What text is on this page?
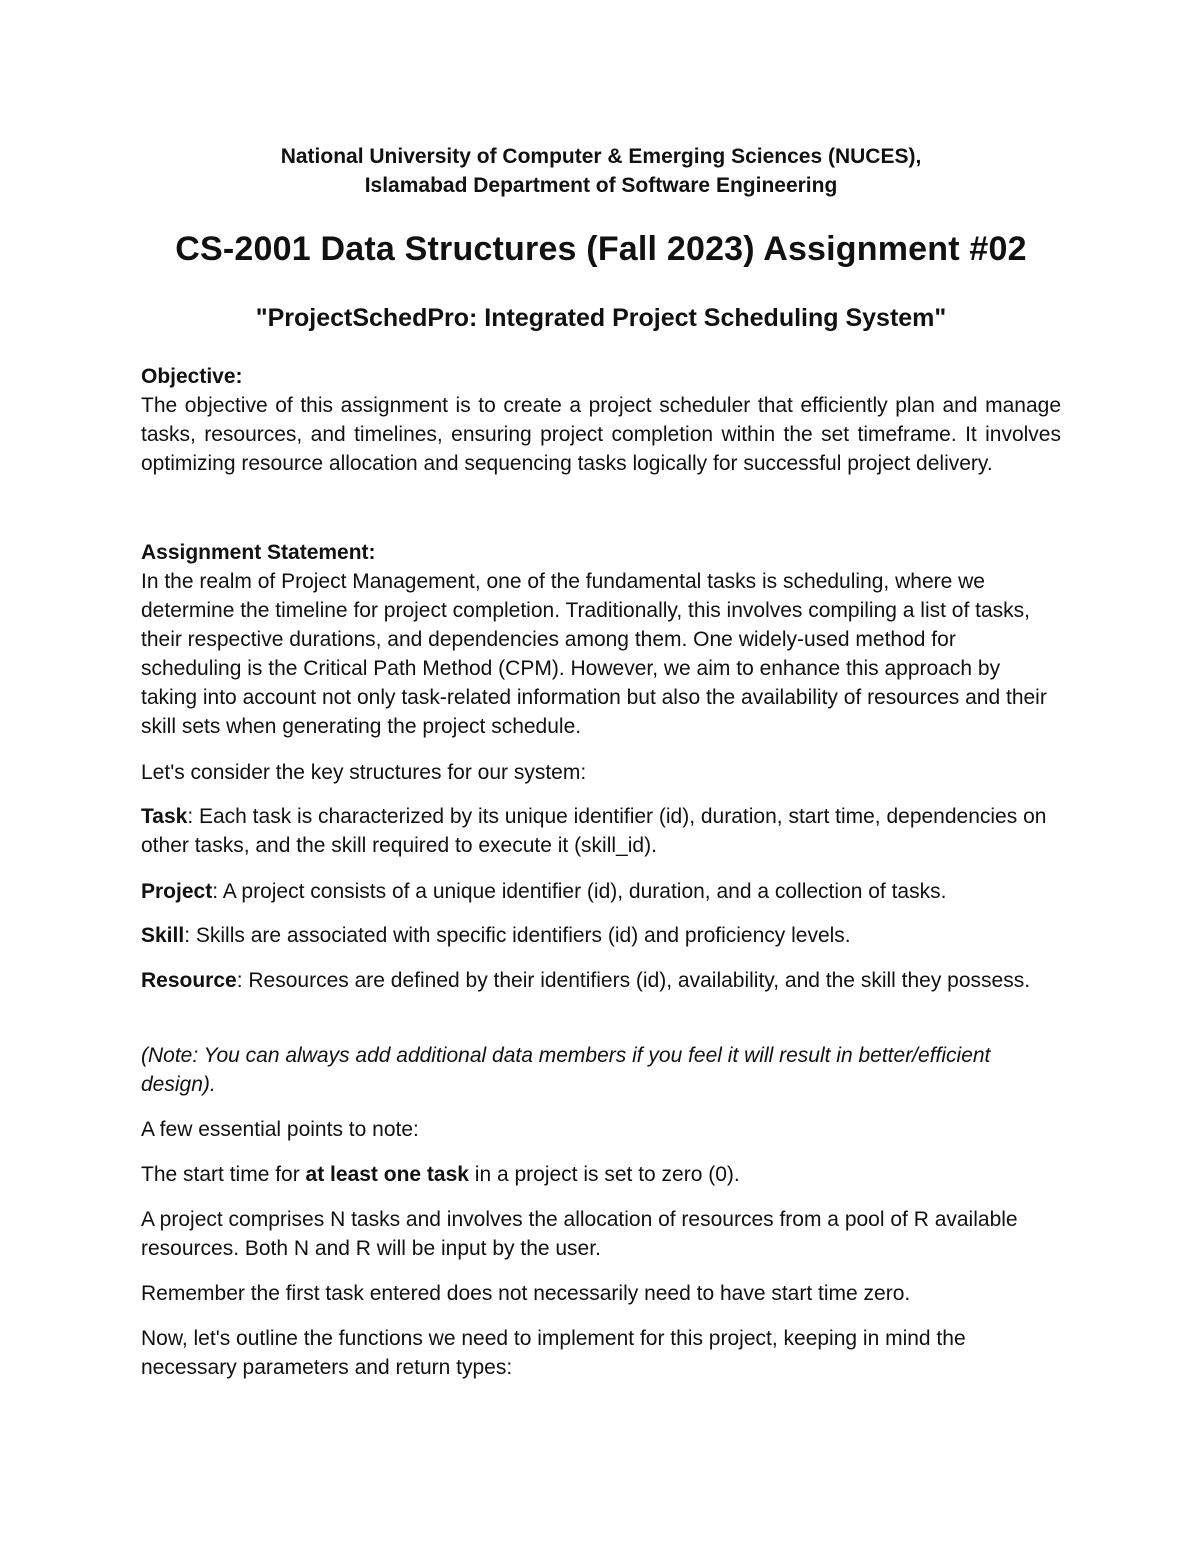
National University of Computer & Emerging Sciences (NUCES),
Islamabad Department of Software Engineering
CS-2001 Data Structures (Fall 2023) Assignment #02
"ProjectSchedPro: Integrated Project Scheduling System"
Objective:
The objective of this assignment is to create a project scheduler that efficiently plan and manage tasks, resources, and timelines, ensuring project completion within the set timeframe. It involves optimizing resource allocation and sequencing tasks logically for successful project delivery.
Assignment Statement:
In the realm of Project Management, one of the fundamental tasks is scheduling, where we determine the timeline for project completion. Traditionally, this involves compiling a list of tasks, their respective durations, and dependencies among them. One widely-used method for scheduling is the Critical Path Method (CPM). However, we aim to enhance this approach by taking into account not only task-related information but also the availability of resources and their skill sets when generating the project schedule.
Let's consider the key structures for our system:
Task: Each task is characterized by its unique identifier (id), duration, start time, dependencies on other tasks, and the skill required to execute it (skill_id).
Project: A project consists of a unique identifier (id), duration, and a collection of tasks.
Skill: Skills are associated with specific identifiers (id) and proficiency levels.
Resource: Resources are defined by their identifiers (id), availability, and the skill they possess.
(Note: You can always add additional data members if you feel it will result in better/efficient design).
A few essential points to note:
The start time for at least one task in a project is set to zero (0).
A project comprises N tasks and involves the allocation of resources from a pool of R available resources. Both N and R will be input by the user.
Remember the first task entered does not necessarily need to have start time zero.
Now, let's outline the functions we need to implement for this project, keeping in mind the necessary parameters and return types:
